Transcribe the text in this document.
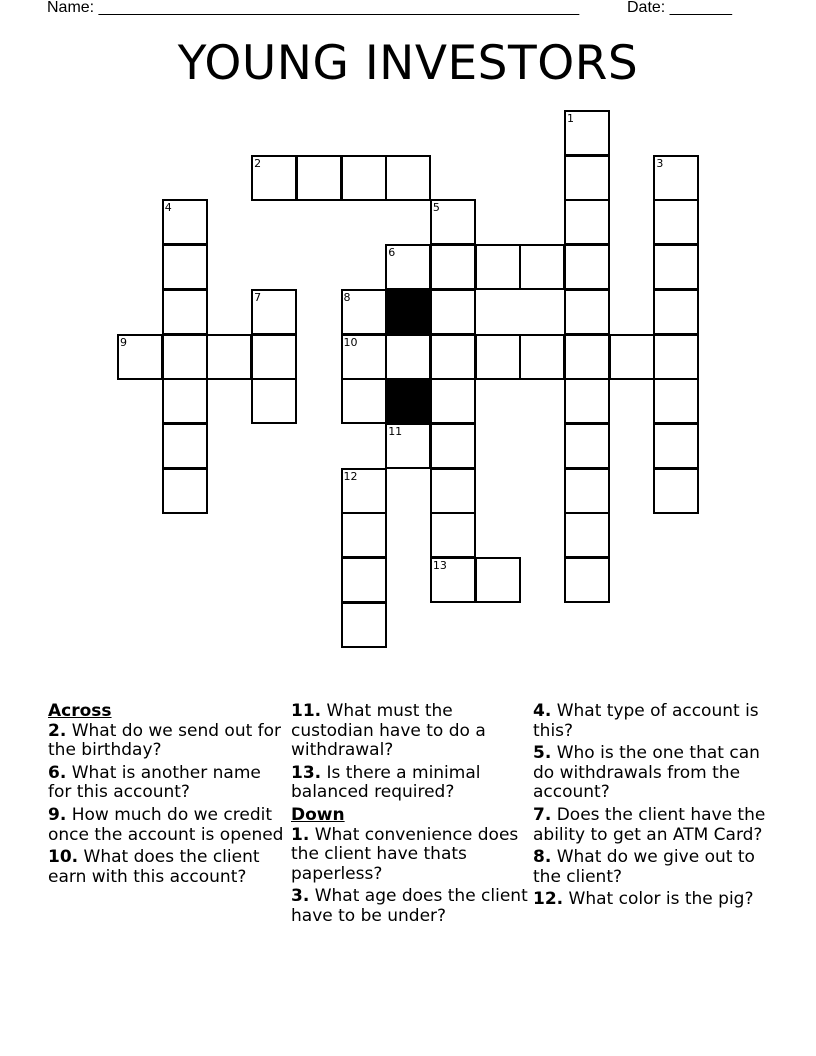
Name: ______________________________________________________	Date: _______
YOUNG INVESTORS
1
2	3
4	5
6
7	8
9	10
11
12
13
Across
2. What do we send out for the birthday?
6. What is another name for this account?
9. How much do we credit once the account is opened
10. What does the client earn with this account?
11. What must the custodian have to do a withdrawal?
13. Is there a minimal balanced required?
Down
1. What convenience does the client have thats paperless?
3. What age does the client have to be under?
4. What type of account is this?
5. Who is the one that can do withdrawals from the account?
7. Does the client have the ability to get an ATM Card?
8. What do we give out to the client?
12. What color is the pig?
